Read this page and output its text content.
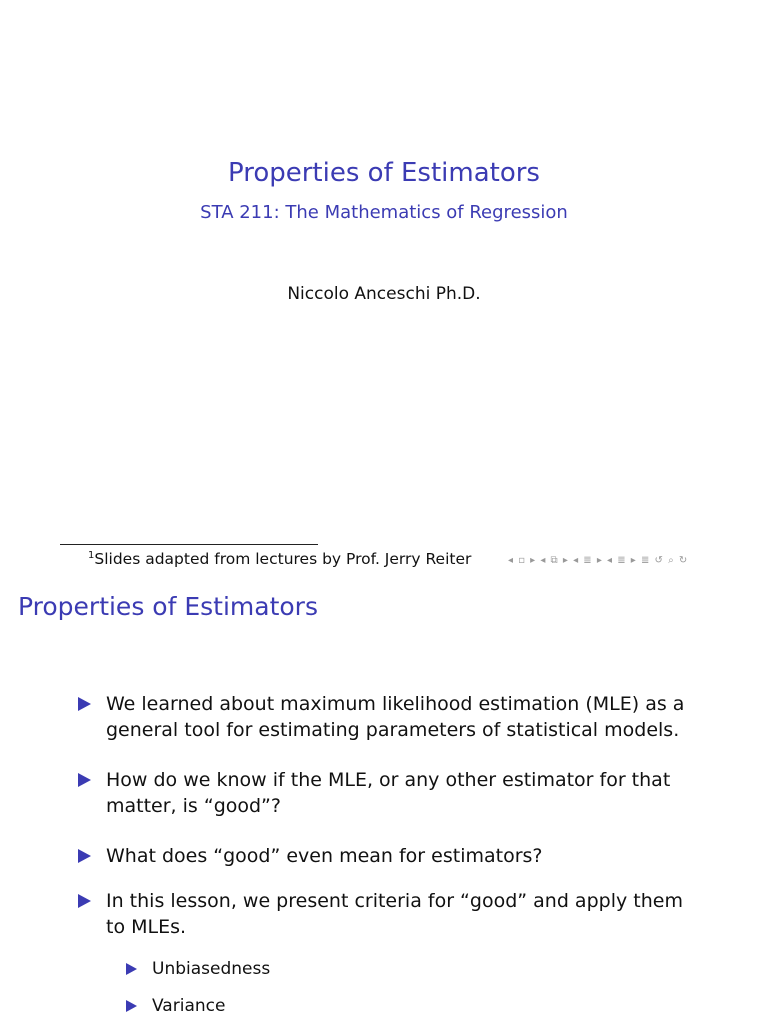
Properties of Estimators
STA 211: The Mathematics of Regression
Niccolo Anceschi Ph.D.
$^1$Slides adapted from lectures by Prof. Jerry Reiter	◂ ▫ ▸ ◂ ⧉ ▸ ◂ ≣ ▸ ◂ ≣ ▸ ≣ ↺ ⌕ ↻
Properties of Estimators
We learned about maximum likelihood estimation (MLE) as a general tool for estimating parameters of statistical models.
How do we know if the MLE, or any other estimator for that matter, is “good”?
What does “good” even mean for estimators?
In this lesson, we present criteria for “good” and apply them to MLEs.
Unbiasedness
Variance
